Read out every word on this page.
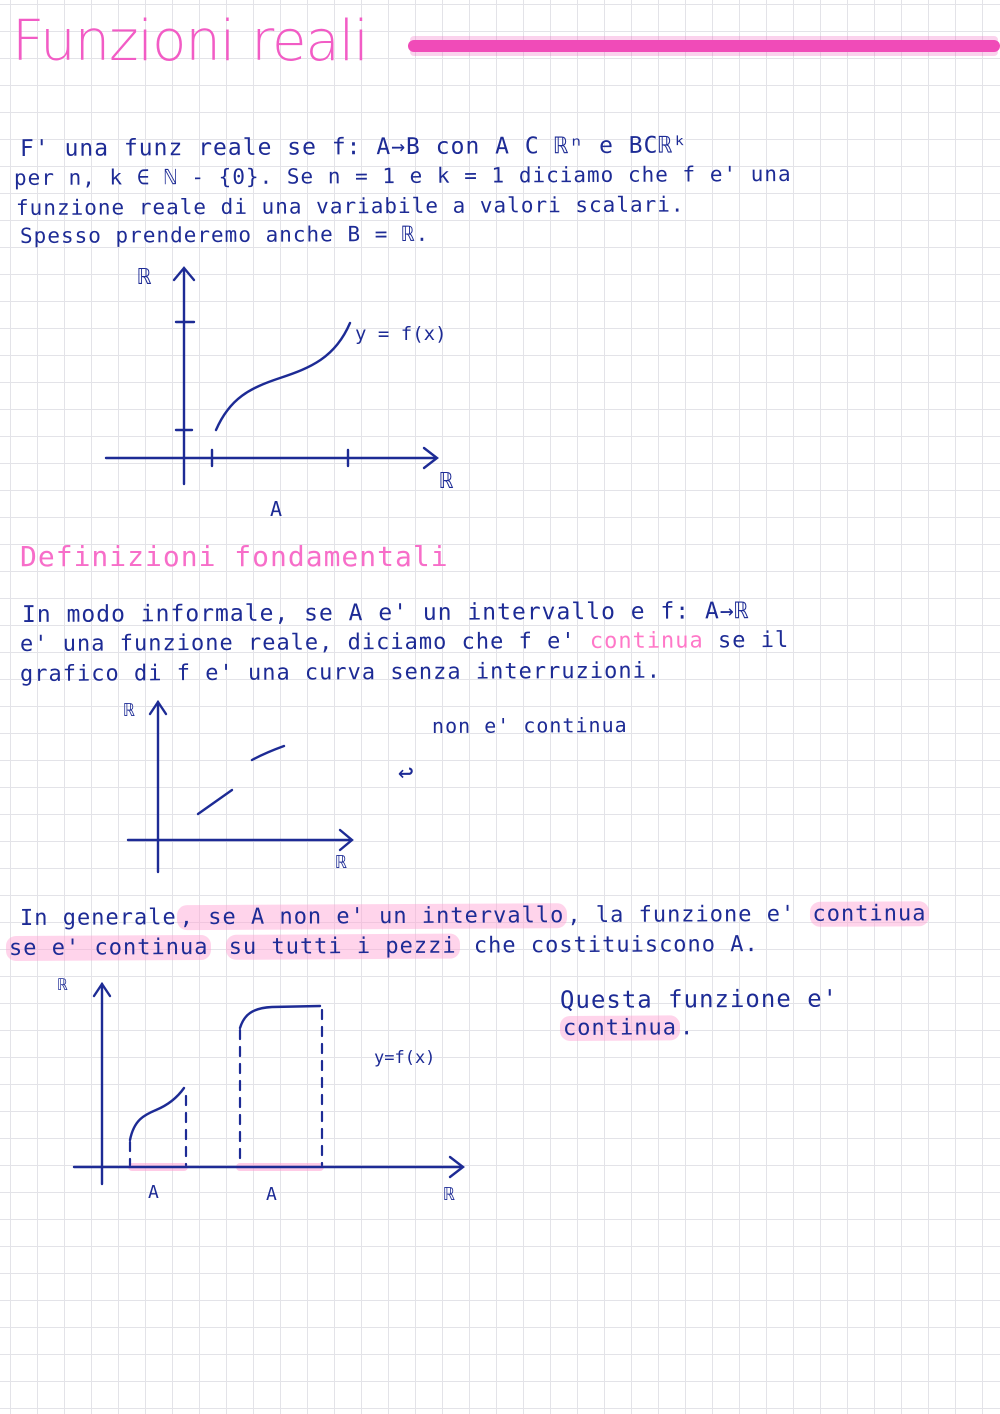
Funzioni reali
F' una funz reale se f: A→B con A C ℝⁿ e BCℝᵏ
per n, k ∈ ℕ - {0}. Se n = 1 e k = 1 diciamo che f e' una
funzione reale di una variabile a valori scalari.
Spesso prenderemo anche B = ℝ.
ℝ
ℝ
y = f(x)
A
Definizioni fondamentali
In modo informale, se A e' un intervallo e f: A→ℝ
e' una funzione reale, diciamo che f e' continua se il
grafico di f e' una curva senza interruzioni.
ℝ
ℝ
non e' continua
↩
In generale , se A non e' un intervallo , la funzione e' continua
se e' continua su tutti i pezzi che costituiscono A.
ℝ
ℝ
y=f(x)
A	A
Questa funzione e'
continua .
